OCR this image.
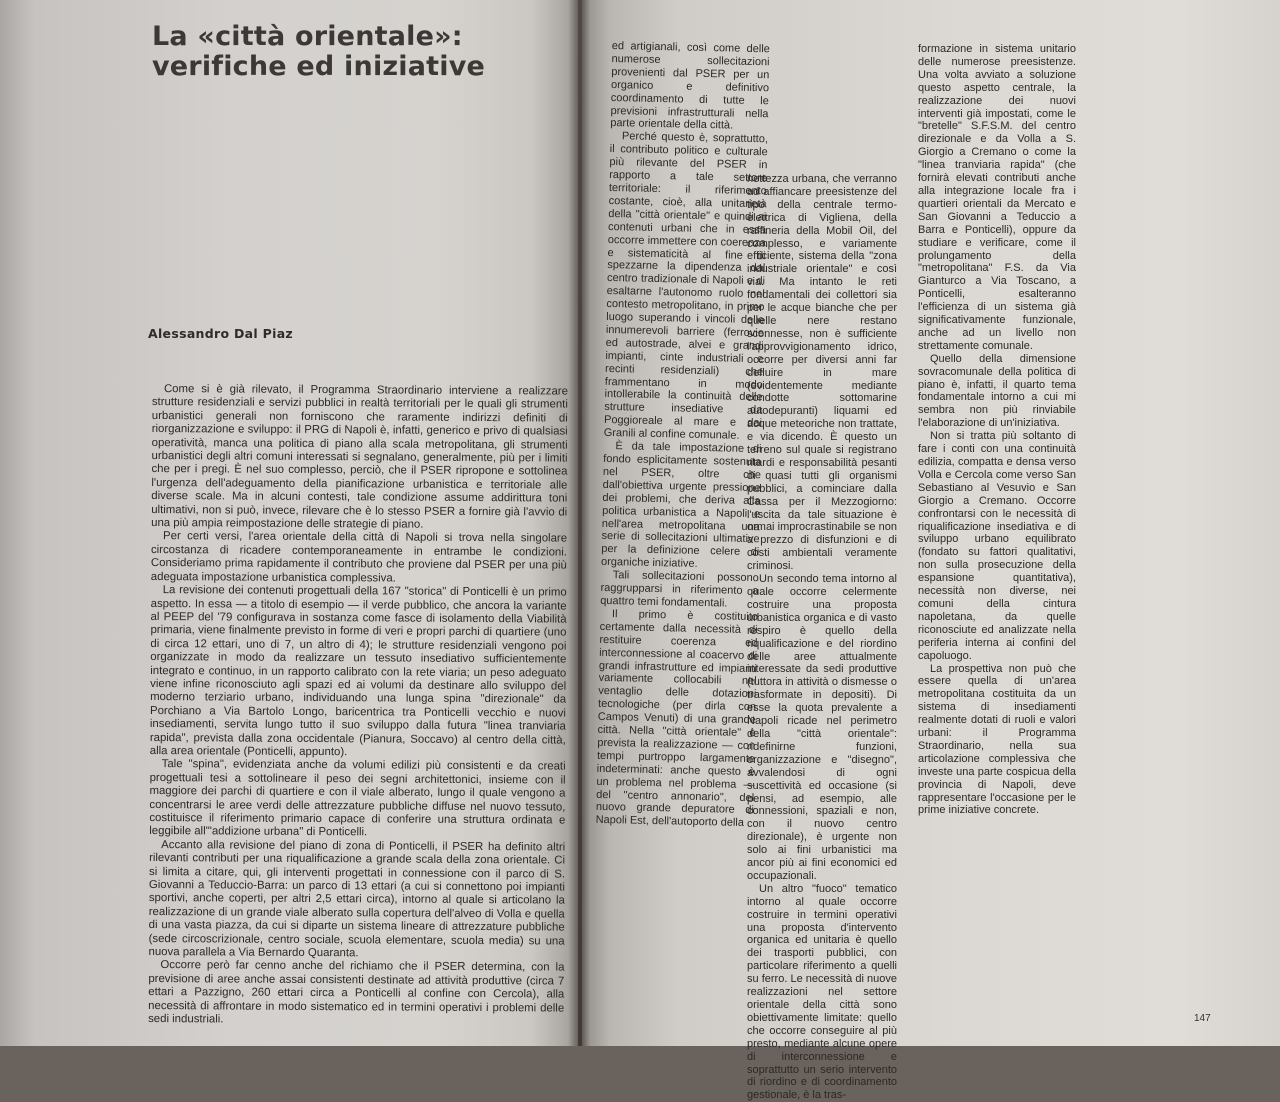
La «città orientale»:
verifiche ed iniziative
Alessandro Dal Piaz

Come si è già rilevato, il Programma Straordinario interviene a realizzare strutture residenziali e servizi pubblici in realtà territoriali per le quali gli strumenti urbanistici generali non forniscono che raramente indirizzi definiti di riorganizzazione e sviluppo: il PRG di Napoli è, infatti, generico e privo di qualsiasi operatività, manca una politica di piano alla scala metropolitana, gli strumenti urbanistici degli altri comuni interessati si segnalano, generalmente, più per i limiti che per i pregi. È nel suo complesso, perciò, che il PSER ripropone e sottolinea l'urgenza dell'adeguamento della pianificazione urbanistica e territoriale alle diverse scale. Ma in alcuni contesti, tale condizione assume addirittura toni ultimativi, non si può, invece, rilevare che è lo stesso PSER a fornire già l'avvio di una più ampia reimpostazione delle strategie di piano.

Per certi versi, l'area orientale della città di Napoli si trova nella singolare circostanza di ricadere contemporaneamente in entrambe le condizioni. Consideriamo prima rapidamente il contributo che proviene dal PSER per una più adeguata impostazione urbanistica complessiva.

La revisione dei contenuti progettuali della 167 "storica" di Ponticelli è un primo aspetto. In essa — a titolo di esempio — il verde pubblico, che ancora la variante al PEEP del '79 configurava in sostanza come fasce di isolamento della Viabilità primaria, viene finalmente previsto in forme di veri e propri parchi di quartiere (uno di circa 12 ettari, uno di 7, un altro di 4); le strutture residenziali vengono poi organizzate in modo da realizzare un tessuto insediativo sufficientemente integrato e continuo, in un rapporto calibrato con la rete viaria; un peso adeguato viene infine riconosciuto agli spazi ed ai volumi da destinare allo sviluppo del moderno terziario urbano, individuando una lunga spina "direzionale" da Porchiano a Via Bartolo Longo, baricentrica tra Ponticelli vecchio e nuovi insediamenti, servita lungo tutto il suo sviluppo dalla futura "linea tranviaria rapida", prevista dalla zona occidentale (Pianura, Soccavo) al centro della città, alla area orientale (Ponticelli, appunto).

Tale "spina", evidenziata anche da volumi edilizi più consistenti e da creati progettuali tesi a sottolineare il peso dei segni architettonici, insieme con il maggiore dei parchi di quartiere e con il viale alberato, lungo il quale vengono a concentrarsi le aree verdi delle attrezzature pubbliche diffuse nel nuovo tessuto, costituisce il riferimento primario capace di conferire una struttura ordinata e leggibile all'"addizione urbana" di Ponticelli.

Accanto alla revisione del piano di zona di Ponticelli, il PSER ha definito altri rilevanti contributi per una riqualificazione a grande scala della zona orientale. Ci si limita a citare, qui, gli interventi progettati in connessione con il parco di S. Giovanni a Teduccio-Barra: un parco di 13 ettari (a cui si connettono poi impianti sportivi, anche coperti, per altri 2,5 ettari circa), intorno al quale si articolano la realizzazione di un grande viale alberato sulla copertura dell'alveo di Volla e quella di una vasta piazza, da cui si diparte un sistema lineare di attrezzature pubbliche (sede circoscrizionale, centro sociale, scuola elementare, scuola media) su una nuova parallela a Via Bernardo Quaranta.

Occorre però far cenno anche del richiamo che il PSER determina, con la previsione di aree anche assai consistenti destinate ad attività produttive (circa 7 ettari a Pazzigno, 260 ettari circa a Ponticelli al confine con Cercola), alla necessità di affrontare in modo sistematico ed in termini operativi i problemi delle sedi industriali.

ed artigianali, così come delle numerose sollecitazioni provenienti dal PSER per un organico e definitivo coordinamento di tutte le previsioni infrastrutturali nella parte orientale della città.

Perché questo è, soprattutto, il contributo politico e culturale più rilevante del PSER in rapporto a tale settore territoriale: il riferimento costante, cioè, alla unitarietà della "città orientale" e quindi ai contenuti urbani che in essa occorre immettere con coerenza e sistematicità al fine di spezzarne la dipendenza dal centro tradizionale di Napoli e di esaltarne l'autonomo ruolo nel contesto metropolitano, in primo luogo superando i vincoli delle innumerevoli barriere (ferrovie ed autostrade, alvei e grandi impianti, cinte industriali e recinti residenziali) che frammentano in modo intollerabile la continuità delle strutture insediative da Poggioreale al mare e dai Granili al confine comunale.

È da tale impostazione di fondo esplicitamente sostenuta nel PSER, oltre che dall'obiettiva urgente pressione dei problemi, che deriva alla politica urbanistica a Napoli e nell'area metropolitana una serie di sollecitazioni ultimative per la definizione celere di organiche iniziative.

Tali sollecitazioni possono raggrupparsi in riferimento a quattro temi fondamentali.

Il primo è costituito certamente dalla necessità di restituire coerenza ed interconnessione al coacervo di grandi infrastrutture ed impianti variamente collocabili nel ventaglio delle dotazioni tecnologiche (per dirla con Campos Venuti) di una grande città. Nella "città orientale" è prevista la realizzazione — con tempi purtroppo largamente indeterminati: anche questo è un problema nel problema — del "centro annonario", del nuovo grande depuratore di Napoli Est, dell'autoporto della

nettezza urbana, che verranno ad affiancare preesistenze del tipo della centrale termo-elettrica di Vigliena, della raffineria della Mobil Oil, del complesso, e variamente efficiente, sistema della "zona industriale orientale" e così via. Ma intanto le reti fondamentali dei collettori sia per le acque bianche che per quelle nere restano sconnesse, non è sufficiente l'approvvigionamento idrico, occorre per diversi anni far defluire in mare (evidentemente mediante condotte sottomarine autodepuranti) liquami ed acque meteoriche non trattate, e via dicendo. È questo un terreno sul quale si registrano ritardi e responsabilità pesanti di quasi tutti gli organismi pubblici, a cominciare dalla Cassa per il Mezzogiorno: l'uscita da tale situazione è ormai improcrastinabile se non a prezzo di disfunzioni e di costi ambientali veramente criminosi.

Un secondo tema intorno al quale occorre celermente costruire una proposta urbanistica organica e di vasto respiro è quello della riqualificazione e del riordino delle aree attualmente interessate da sedi produttive (tuttora in attività o dismesse o trasformate in depositi). Di esse la quota prevalente a Napoli ricade nel perimetro della "città orientale": ridefinirne funzioni, organizzazione e "disegno", avvalendosi di ogni suscettività ed occasione (si pensi, ad esempio, alle connessioni, spaziali e non, con il nuovo centro direzionale), è urgente non solo ai fini urbanistici ma ancor più ai fini economici ed occupazionali.

Un altro "fuoco" tematico intorno al quale occorre costruire in termini operativi una proposta d'intervento organica ed unitaria è quello dei trasporti pubblici, con particolare riferimento a quelli su ferro. Le necessità di nuove realizzazioni nel settore orientale della città sono obiettivamente limitate: quello che occorre conseguire al più presto, mediante alcune opere di interconnessione e soprattutto un serio intervento di riordino e di coordinamento gestionale, è la tras-

formazione in sistema unitario delle numerose preesistenze. Una volta avviato a soluzione questo aspetto centrale, la realizzazione dei nuovi interventi già impostati, come le "bretelle" S.F.S.M. del centro direzionale e da Volla a S. Giorgio a Cremano o come la "linea tranviaria rapida" (che fornirà elevati contributi anche alla integrazione locale fra i quartieri orientali da Mercato e San Giovanni a Teduccio a Barra e Ponticelli), oppure da studiare e verificare, come il prolungamento della "metropolitana" F.S. da Via Gianturco a Via Toscano, a Ponticelli, esalteranno l'efficienza di un sistema già significativamente funzionale, anche ad un livello non strettamente comunale.

Quello della dimensione sovracomunale della politica di piano è, infatti, il quarto tema fondamentale intorno a cui mi sembra non più rinviabile l'elaborazione di un'iniziativa.

Non si tratta più soltanto di fare i conti con una continuità edilizia, compatta e densa verso Volla e Cercola come verso San Sebastiano al Vesuvio e San Giorgio a Cremano. Occorre confrontarsi con le necessità di riqualificazione insediativa e di sviluppo urbano equilibrato (fondato su fattori qualitativi, non sulla prosecuzione della espansione quantitativa), necessità non diverse, nei comuni della cintura napoletana, da quelle riconosciute ed analizzate nella periferia interna ai confini del capoluogo.

La prospettiva non può che essere quella di un'area metropolitana costituita da un sistema di insediamenti realmente dotati di ruoli e valori urbani: il Programma Straordinario, nella sua articolazione complessiva che investe una parte cospicua della provincia di Napoli, deve rappresentare l'occasione per le prime iniziative concrete.

147
